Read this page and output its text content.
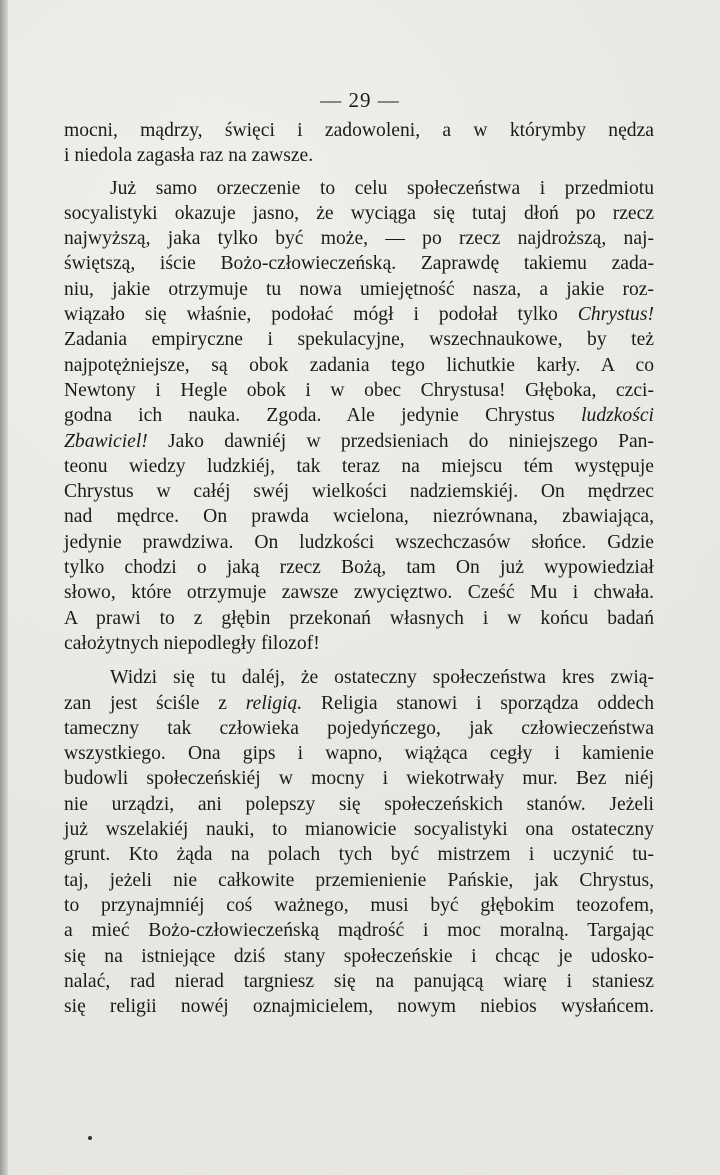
— 29 —
mocni, mądrzy, święci i zadowoleni, a w którymby nędza
i niedola zagasła raz na zawsze.
Już samo orzeczenie to celu społeczeństwa i przedmiotu
socyalistyki okazuje jasno, że wyciąga się tutaj dłoń po rzecz
najwyższą, jaka tylko być może, — po rzecz najdroższą, naj-
świętszą, iście Bożo-człowieczeńską. Zaprawdę takiemu zada-
niu, jakie otrzymuje tu nowa umiejętność nasza, a jakie roz-
wiązało się właśnie, podołać mógł i podołał tylko Chrystus!
Zadania empiryczne i spekulacyjne, wszechnaukowe, by też
najpotężniejsze, są obok zadania tego lichutkie karły. A co
Newtony i Hegle obok i w obec Chrystusa! Głęboka, czci-
godna ich nauka. Zgoda. Ale jedynie Chrystus ludzkości
Zbawiciel! Jako dawniéj w przedsieniach do niniejszego Pan-
teonu wiedzy ludzkiéj, tak teraz na miejscu tém występuje
Chrystus w całéj swéj wielkości nadziemskiéj. On mędrzec
nad mędrce. On prawda wcielona, niezrównana, zbawiająca,
jedynie prawdziwa. On ludzkości wszechczasów słońce. Gdzie
tylko chodzi o jaką rzecz Bożą, tam On już wypowiedział
słowo, które otrzymuje zawsze zwycięztwo. Cześć Mu i chwała.
A prawi to z głębin przekonań własnych i w końcu badań
całożytnych niepodległy filozof!
Widzi się tu daléj, że ostateczny społeczeństwa kres zwią-
zan jest ściśle z religią. Religia stanowi i sporządza oddech
tameczny tak człowieka pojedyńczego, jak człowieczeństwa
wszystkiego. Ona gips i wapno, wiążąca cegły i kamienie
budowli społeczeńskiéj w mocny i wiekotrwały mur. Bez niéj
nie urządzi, ani polepszy się społeczeńskich stanów. Jeżeli
już wszelakiéj nauki, to mianowicie socyalistyki ona ostateczny
grunt. Kto żąda na polach tych być mistrzem i uczynić tu-
taj, jeżeli nie całkowite przemienienie Pańskie, jak Chrystus,
to przynajmniéj coś ważnego, musi być głębokim teozofem,
a mieć Bożo-człowieczeńską mądrość i moc moralną. Targając
się na istniejące dziś stany społeczeńskie i chcąc je udosko-
nalać, rad nierad targniesz się na panującą wiarę i staniesz
się religii nowéj oznajmicielem, nowym niebios wysłańcem.
